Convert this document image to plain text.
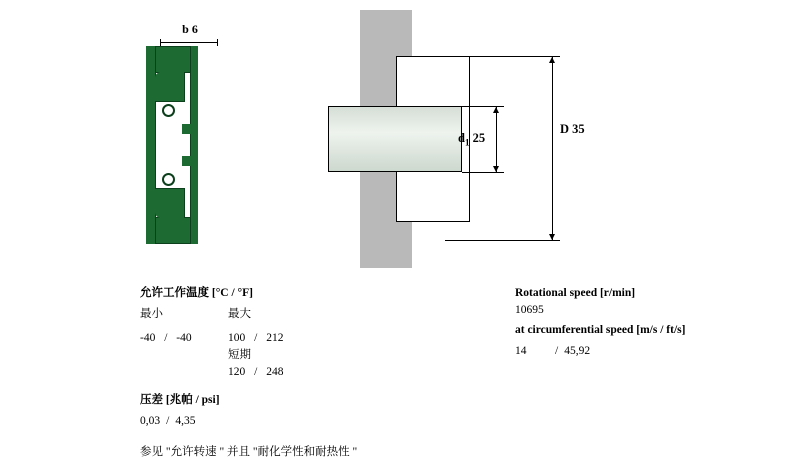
b 6
D 35
$d_1$ 25
允许工作温度 [°C / °F]
最小	最大
-40 / -40	100 / 212
短期
120 / 248
压差 [兆帕 / psi]
0,03 / 4,35
参见 "允许转速 " 并且 "耐化学性和耐热性 "
Rotational speed [r/min]
10695
at circumferential speed [m/s / ft/s]
14	/ 45,92
